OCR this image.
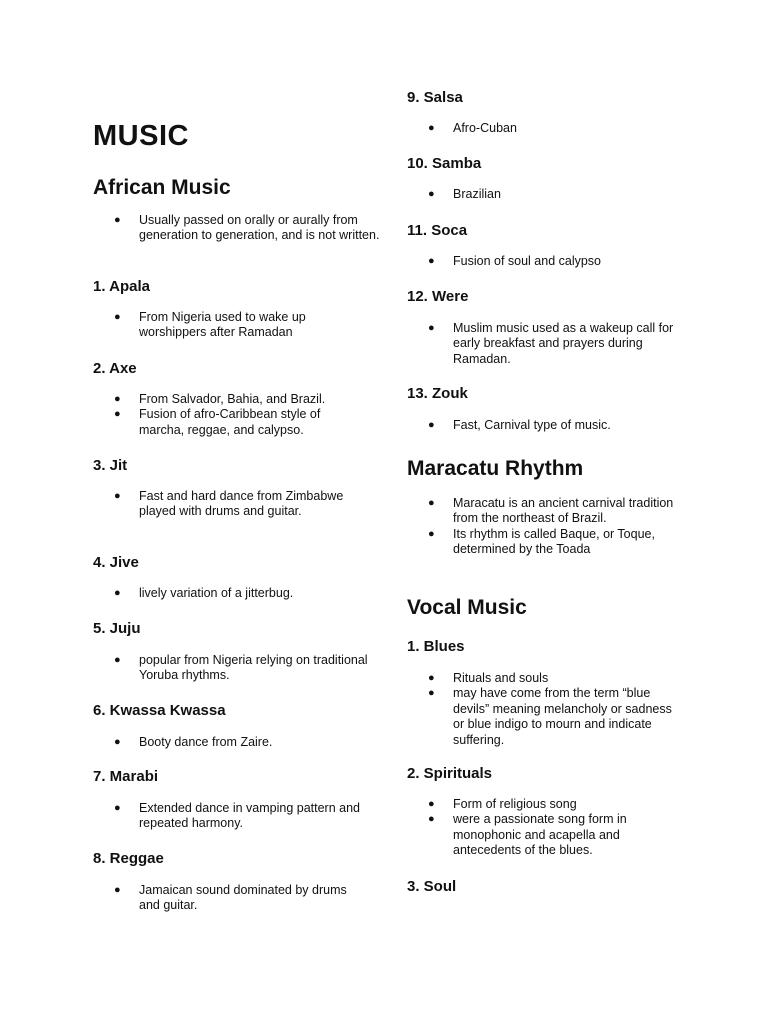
MUSIC
African Music
● Usually passed on orally or aurally from generation to generation, and is not written.
1. Apala
● From Nigeria used to wake up worshippers after Ramadan
2. Axe
● From Salvador, Bahia, and Brazil.
● Fusion of afro-Caribbean style of marcha, reggae, and calypso.
3. Jit
● Fast and hard dance from Zimbabwe played with drums and guitar.
4. Jive
● lively variation of a jitterbug.
5. Juju
● popular from Nigeria relying on traditional Yoruba rhythms.
6. Kwassa Kwassa
● Booty dance from Zaire.
7. Marabi
● Extended dance in vamping pattern and repeated harmony.
8. Reggae
● Jamaican sound dominated by drums and guitar.
9. Salsa
● Afro-Cuban
10. Samba
● Brazilian
11. Soca
● Fusion of soul and calypso
12. Were
● Muslim music used as a wakeup call for early breakfast and prayers during Ramadan.
13. Zouk
● Fast, Carnival type of music.
Maracatu Rhythm
● Maracatu is an ancient carnival tradition from the northeast of Brazil.
● Its rhythm is called Baque, or Toque, determined by the Toada
Vocal Music
1. Blues
● Rituals and souls
● may have come from the term “blue devils” meaning melancholy or sadness or blue indigo to mourn and indicate suffering.
2. Spirituals
● Form of religious song
● were a passionate song form in monophonic and acapella and antecedents of the blues.
3. Soul
